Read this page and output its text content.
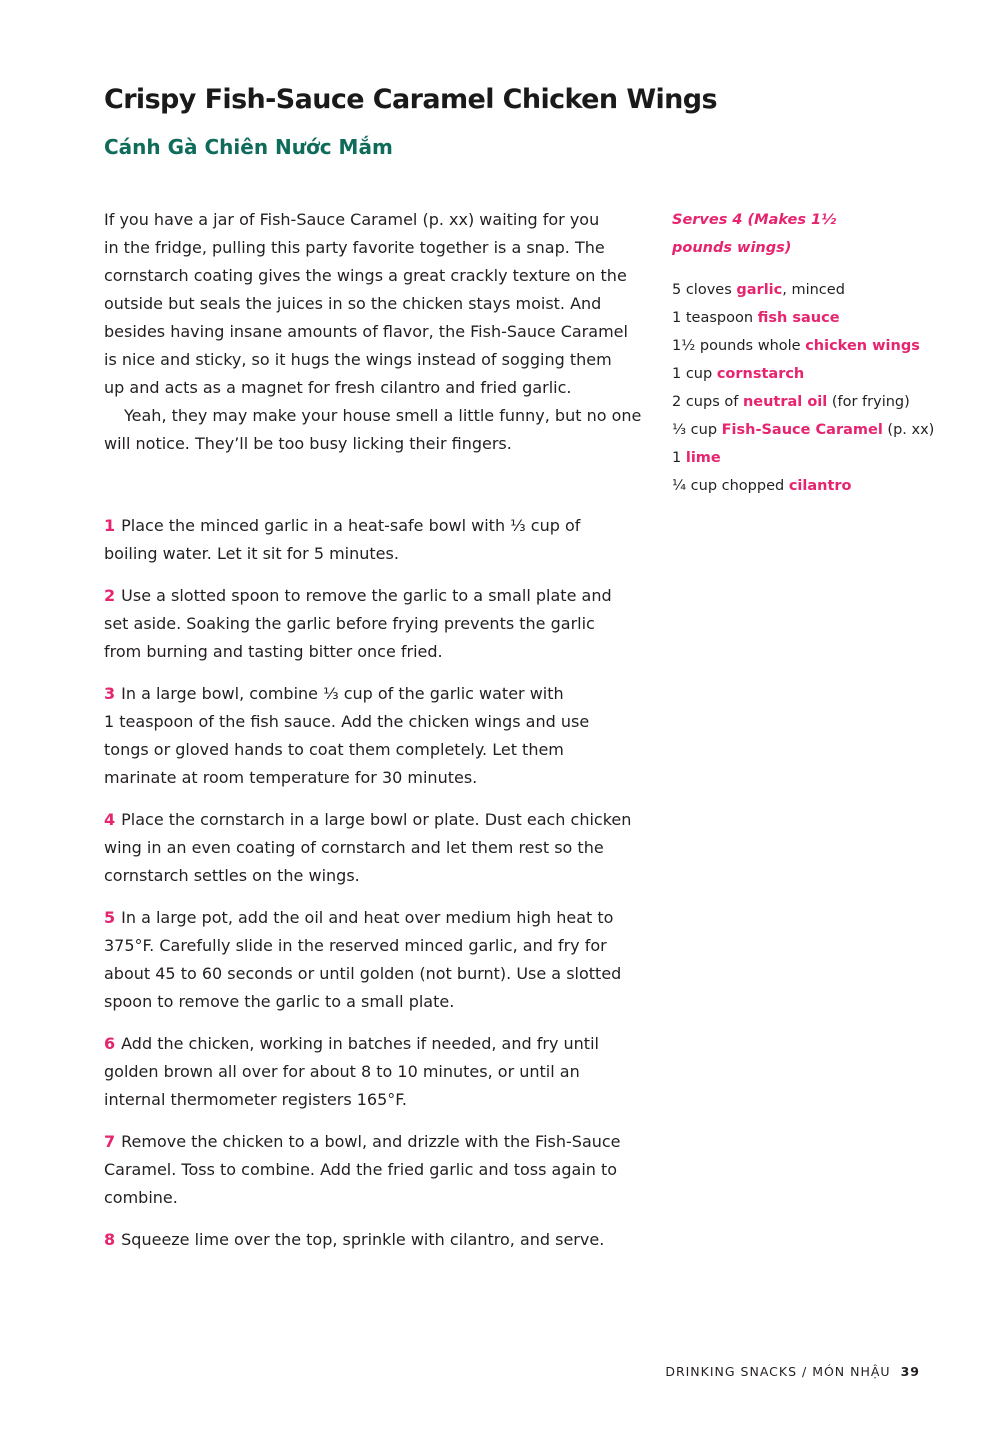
Crispy Fish-Sauce Caramel Chicken Wings
Cánh Gà Chiên Nước Mắm

If you have a jar of Fish-Sauce Caramel (p. xx) waiting for you
in the fridge, pulling this party favorite together is a snap. The
cornstarch coating gives the wings a great crackly texture on the
outside but seals the juices in so the chicken stays moist. And
besides having insane amounts of flavor, the Fish-Sauce Caramel
is nice and sticky, so it hugs the wings instead of sogging them
up and acts as a magnet for fresh cilantro and fried garlic.

Yeah, they may make your house smell a little funny, but no one
will notice. They’ll be too busy licking their fingers.

Serves 4 (Makes 1½
pounds wings)
5 cloves garlic, minced
1 teaspoon fish sauce
1½ pounds whole chicken wings
1 cup cornstarch
2 cups of neutral oil (for frying)
⅓ cup Fish-Sauce Caramel (p. xx)
1 lime
¼ cup chopped cilantro
1 Place the minced garlic in a heat-safe bowl with ⅓ cup of
boiling water. Let it sit for 5 minutes.
2 Use a slotted spoon to remove the garlic to a small plate and
set aside. Soaking the garlic before frying prevents the garlic
from burning and tasting bitter once fried.
3 In a large bowl, combine ⅓ cup of the garlic water with
1 teaspoon of the fish sauce. Add the chicken wings and use
tongs or gloved hands to coat them completely. Let them
marinate at room temperature for 30 minutes.
4 Place the cornstarch in a large bowl or plate. Dust each chicken
wing in an even coating of cornstarch and let them rest so the
cornstarch settles on the wings.
5 In a large pot, add the oil and heat over medium high heat to
375°F. Carefully slide in the reserved minced garlic, and fry for
about 45 to 60 seconds or until golden (not burnt). Use a slotted
spoon to remove the garlic to a small plate.
6 Add the chicken, working in batches if needed, and fry until
golden brown all over for about 8 to 10 minutes, or until an
internal thermometer registers 165°F.
7 Remove the chicken to a bowl, and drizzle with the Fish-Sauce
Caramel. Toss to combine. Add the fried garlic and toss again to
combine.
8 Squeeze lime over the top, sprinkle with cilantro, and serve.
DRINKING SNACKS / MÓN NHẬU 39
